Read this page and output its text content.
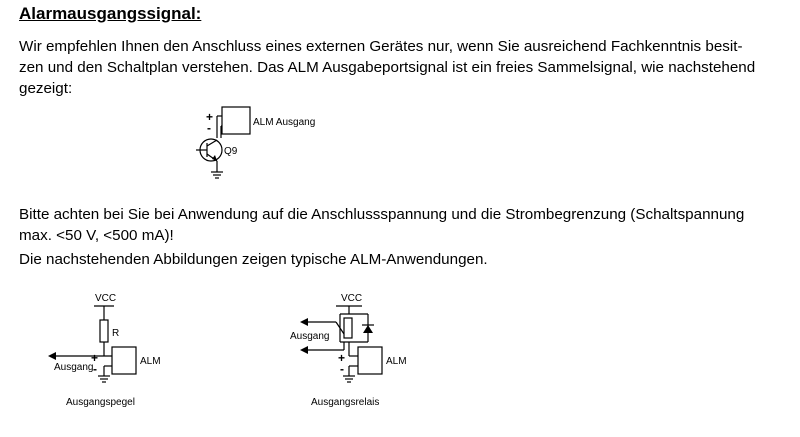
Alarmausgangssignal:

Wir empfehlen Ihnen den Anschluss eines externen Gerätes nur, wenn Sie ausreichend Fachkenntnis besit-
zen und den Schaltplan verstehen. Das ALM Ausgabeportsignal ist ein freies Sammelsignal, wie nachstehend
gezeigt:

+
-	ALM Ausgang
Q9

Bitte achten bei Sie bei Anwendung auf die Anschlussspannung und die Strombegrenzung (Schaltspannung
max. <50 V, <500 mA)!

Die nachstehenden Abbildungen zeigen typische ALM-Anwendungen.

VCC
R
Ausgang
+
-
ALM
Ausgangspegel
VCC
Ausgang
+
-
ALM
Ausgangsrelais
